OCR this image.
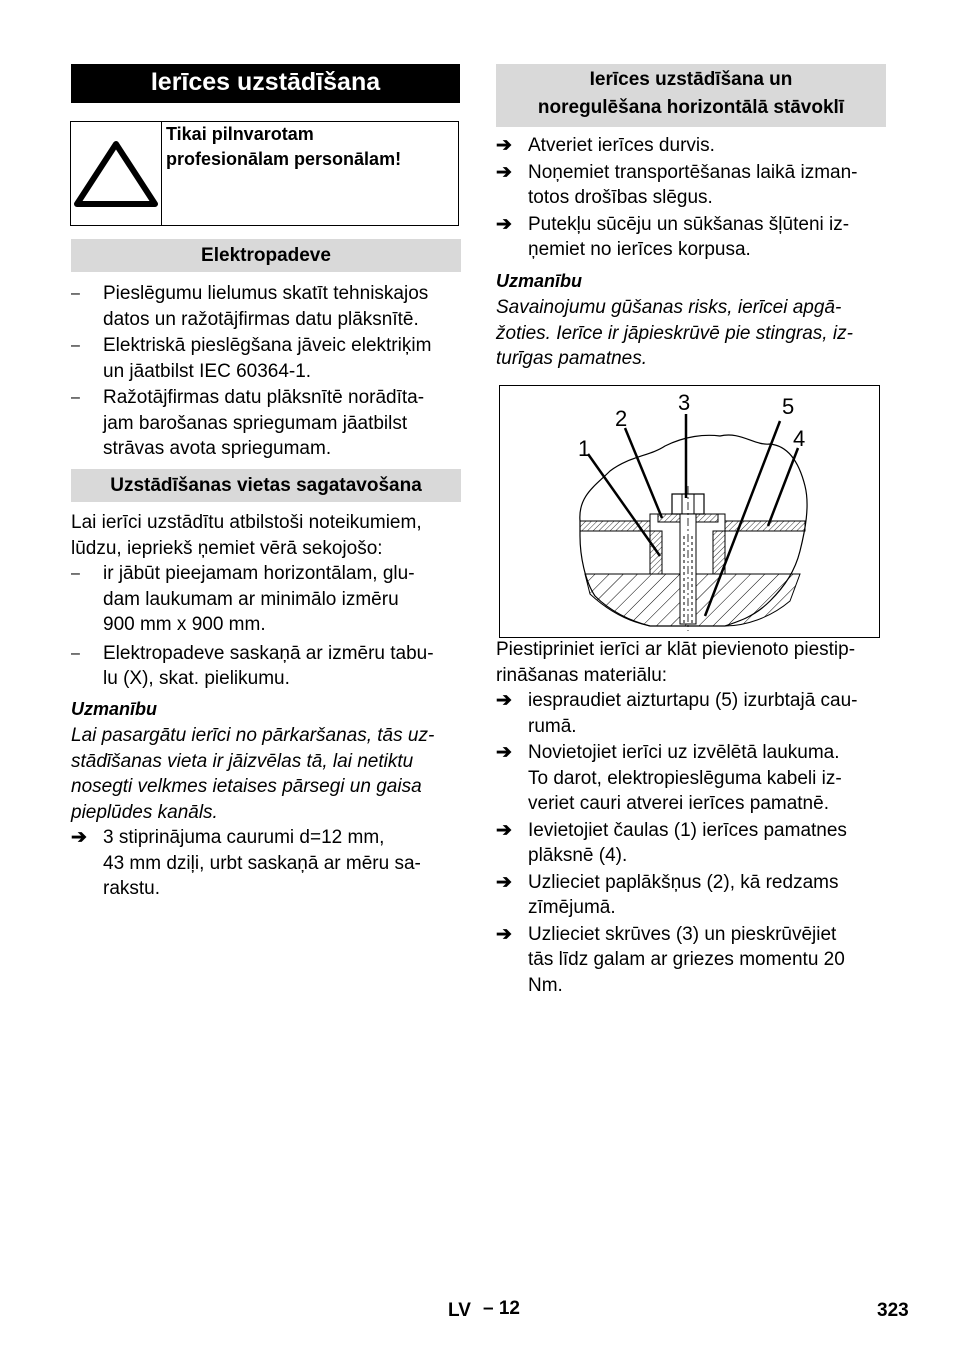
Ierīces uzstādīšana
Tikai pilnvarotam
profesionālam personālam!
Elektropadeve
– Pieslēgumu lielumus skatīt tehniskajos
datos un ražotājfirmas datu plāksnītē.
– Elektriskā pieslēgšana jāveic elektriķim
un jāatbilst IEC 60364-1.
– Ražotājfirmas datu plāksnītē norādīta-
jam barošanas spriegumam jāatbilst
strāvas avota spriegumam.
Uzstādīšanas vietas sagatavošana

Lai ierīci uzstādītu atbilstoši noteikumiem,
lūdzu, iepriekš ņemiet vērā sekojošo:

– ir jābūt pieejamam horizontālam, glu-
dam laukumam ar minimālo izmēru
900 mm x 900 mm.
– Elektropadeve saskaņā ar izmēru tabu-
lu (X), skat. pielikumu.
Uzmanību
Lai pasargātu ierīci no pārkaršanas, tās uz-
stādīšanas vieta ir jāizvēlas tā, lai netiktu
nosegti velkmes ietaises pārsegi un gaisa
pieplūdes kanāls.
➔ 3 stiprinājuma caurumi d=12 mm,
43 mm dziļi, urbt saskaņā ar mēru sa-
rakstu.
Ierīces uzstādīšana un
noregulēšana horizontālā stāvoklī
➔ Atveriet ierīces durvis.
➔ Noņemiet transportēšanas laikā izman-
totos drošības slēgus.
➔ Putekļu sūcēju un sūkšanas šļūteni iz-
ņemiet no ierīces korpusa.
Uzmanību
Savainojumu gūšanas risks, ierīcei apgā-
žoties. Ierīce ir jāpieskrūvē pie stingras, iz-
turīgas pamatnes.
1
2
3
4
5

Piestipriniet ierīci ar klāt pievienoto piestip-
rināšanas materiālu:

➔ iespraudiet aizturtapu (5) izurbtajā cau-
rumā.
➔ Novietojiet ierīci uz izvēlētā laukuma.
To darot, elektropieslēguma kabeli iz-
veriet cauri atverei ierīces pamatnē.
➔ Ievietojiet čaulas (1) ierīces pamatnes
plāksnē (4).
➔ Uzlieciet paplākšņus (2), kā redzams
zīmējumā.
➔ Uzlieciet skrūves (3) un pieskrūvējiet
tās līdz galam ar griezes momentu 20
Nm.
LV – 12	323
